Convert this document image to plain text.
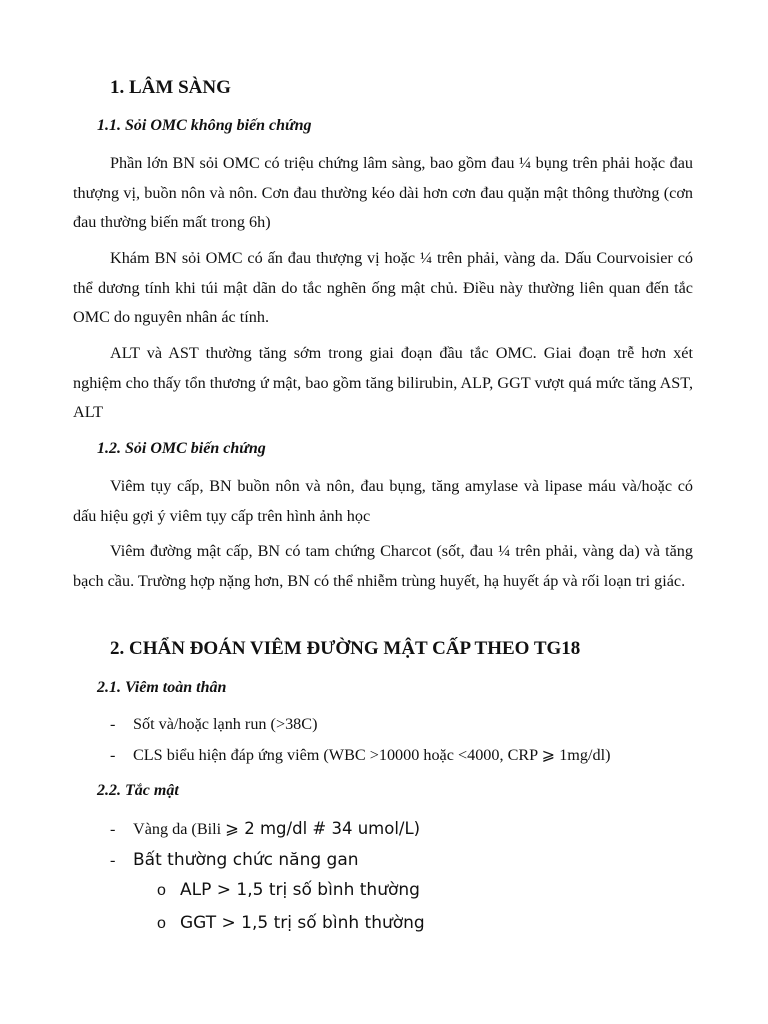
1. LÂM SÀNG
1.1. Sỏi OMC không biến chứng

Phần lớn BN sỏi OMC có triệu chứng lâm sàng, bao gồm đau ¼ bụng trên phải hoặc đau thượng vị, buồn nôn và nôn. Cơn đau thường kéo dài hơn cơn đau quặn mật thông thường (cơn đau thường biến mất trong 6h)

Khám BN sỏi OMC có ấn đau thượng vị hoặc ¼ trên phải, vàng da. Dấu Courvoisier có thể dương tính khi túi mật dãn do tắc nghẽn ống mật chủ. Điều này thường liên quan đến tắc OMC do nguyên nhân ác tính.

ALT và AST thường tăng sớm trong giai đoạn đầu tắc OMC. Giai đoạn trễ hơn xét nghiệm cho thấy tổn thương ứ mật, bao gồm tăng bilirubin, ALP, GGT vượt quá mức tăng AST, ALT

1.2. Sỏi OMC biến chứng

Viêm tụy cấp, BN buồn nôn và nôn, đau bụng, tăng amylase và lipase máu và/hoặc có dấu hiệu gợi ý viêm tụy cấp trên hình ảnh học

Viêm đường mật cấp, BN có tam chứng Charcot (sốt, đau ¼ trên phải, vàng da) và tăng bạch cầu. Trường hợp nặng hơn, BN có thể nhiễm trùng huyết, hạ huyết áp và rối loạn tri giác.

2. CHẨN ĐOÁN VIÊM ĐƯỜNG MẬT CẤP THEO TG18
2.1. Viêm toàn thân
- Sốt và/hoặc lạnh run (>38C)
- CLS biểu hiện đáp ứng viêm (WBC >10000 hoặc <4000, CRP ⩾ 1mg/dl)
2.2. Tắc mật
- Vàng da (Bili ⩾ 2 mg/dl # 34 umol/L)
- Bất thường chức năng gan
o ALP > 1,5 trị số bình thường
o GGT > 1,5 trị số bình thường
